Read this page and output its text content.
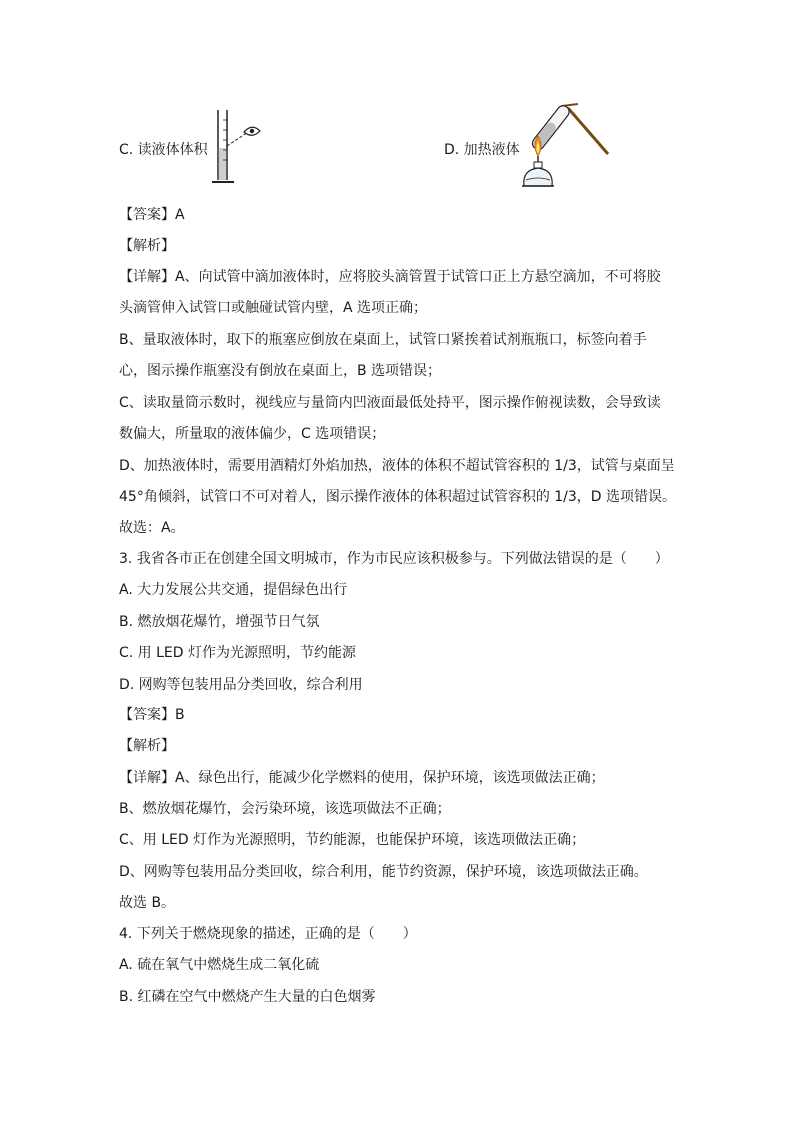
C. 读液体体积	D. 加热液体
【答案】A
【解析】
【详解】A、向试管中滴加液体时，应将胶头滴管置于试管口正上方悬空滴加，不可将胶
头滴管伸入试管口或触碰试管内壁，A 选项正确；
B、量取液体时，取下的瓶塞应倒放在桌面上，试管口紧挨着试剂瓶瓶口，标签向着手
心，图示操作瓶塞没有倒放在桌面上，B 选项错误；
C、读取量筒示数时，视线应与量筒内凹液面最低处持平，图示操作俯视读数，会导致读
数偏大，所量取的液体偏少，C 选项错误；
D、加热液体时，需要用酒精灯外焰加热，液体的体积不超试管容积的 1/3，试管与桌面呈
45°角倾斜，试管口不可对着人，图示操作液体的体积超过试管容积的 1/3，D 选项错误。
故选：A。
3. 我省各市正在创建全国文明城市，作为市民应该积极参与。下列做法错误的是（　　）
A. 大力发展公共交通，提倡绿色出行
B. 燃放烟花爆竹，增强节日气氛
C. 用 LED 灯作为光源照明，节约能源
D. 网购等包装用品分类回收，综合利用
【答案】B
【解析】
【详解】A、绿色出行，能减少化学燃料的使用，保护环境，该选项做法正确；
B、燃放烟花爆竹，会污染环境，该选项做法不正确；
C、用 LED 灯作为光源照明，节约能源，也能保护环境，该选项做法正确；
D、网购等包装用品分类回收，综合利用，能节约资源，保护环境，该选项做法正确。
故选 B。
4. 下列关于燃烧现象的描述，正确的是（　　）
A. 硫在氧气中燃烧生成二氧化硫
B. 红磷在空气中燃烧产生大量的白色烟雾
